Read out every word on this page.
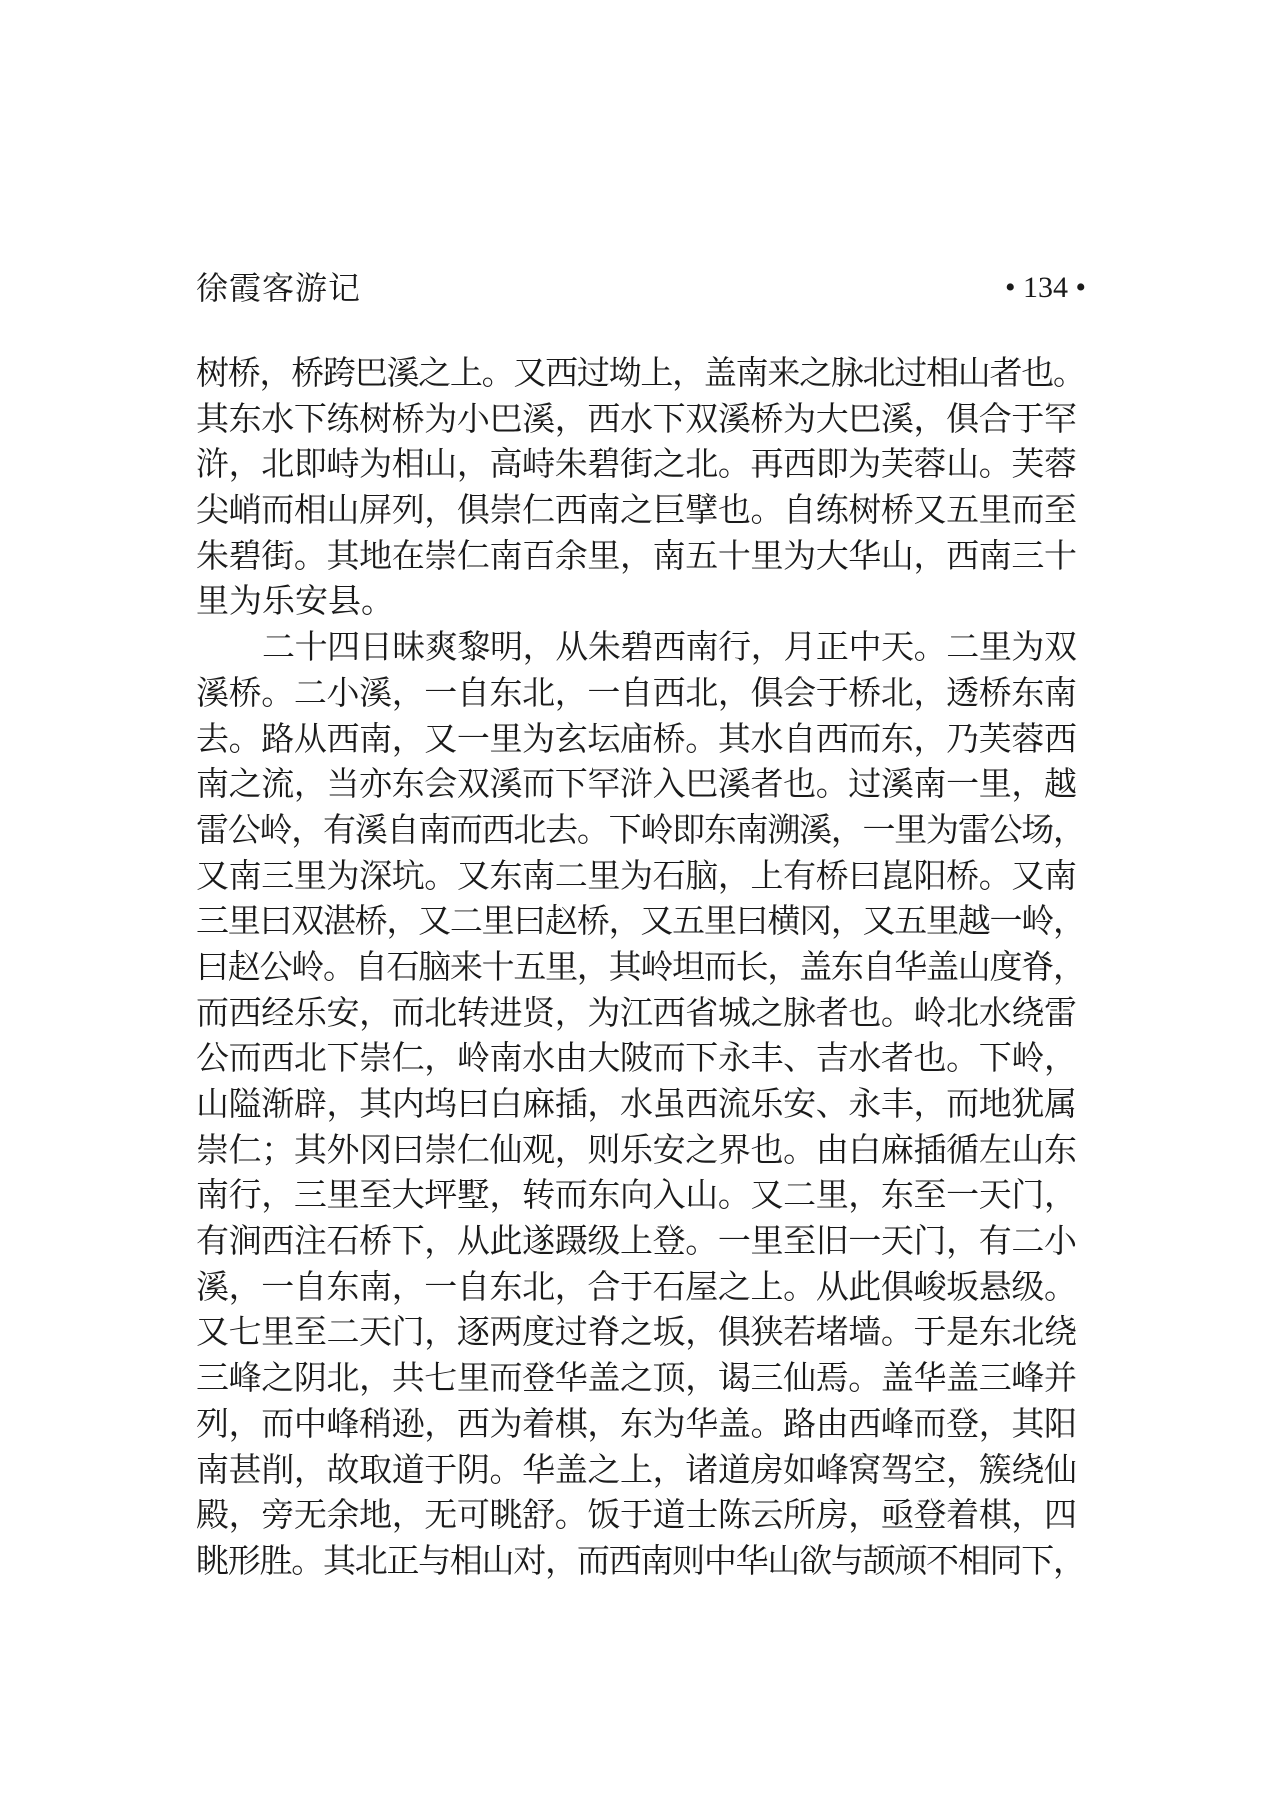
徐霞客游记	• 134 •
树桥，桥跨巴溪之上。又西过坳上，盖南来之脉北过相山者也。
其东水下练树桥为小巴溪，西水下双溪桥为大巴溪，俱合于罕
浒，北即峙为相山，高峙朱碧街之北。再西即为芙蓉山。芙蓉
尖峭而相山屏列，俱崇仁西南之巨擘也。自练树桥又五里而至
朱碧街。其地在崇仁南百余里，南五十里为大华山，西南三十
里为乐安县。
二十四日昧爽黎明，从朱碧西南行，月正中天。二里为双
溪桥。二小溪，一自东北，一自西北，俱会于桥北，透桥东南
去。路从西南，又一里为玄坛庙桥。其水自西而东，乃芙蓉西
南之流，当亦东会双溪而下罕浒入巴溪者也。过溪南一里，越
雷公岭，有溪自南而西北去。下岭即东南溯溪，一里为雷公场，
又南三里为深坑。又东南二里为石脑，上有桥曰崑阳桥。又南
三里曰双湛桥，又二里曰赵桥，又五里曰横冈，又五里越一岭，
曰赵公岭。自石脑来十五里，其岭坦而长，盖东自华盖山度脊，
而西经乐安，而北转进贤，为江西省城之脉者也。岭北水绕雷
公而西北下崇仁，岭南水由大陂而下永丰、吉水者也。下岭，
山隘渐辟，其内坞曰白麻插，水虽西流乐安、永丰，而地犹属
崇仁；其外冈曰崇仁仙观，则乐安之界也。由白麻插循左山东
南行，三里至大坪墅，转而东向入山。又二里，东至一天门，
有涧西注石桥下，从此遂蹑级上登。一里至旧一天门，有二小
溪，一自东南，一自东北，合于石屋之上。从此俱峻坂悬级。
又七里至二天门，逐两度过脊之坂，俱狭若堵墙。于是东北绕
三峰之阴北，共七里而登华盖之顶，谒三仙焉。盖华盖三峰并
列，而中峰稍逊，西为着棋，东为华盖。路由西峰而登，其阳
南甚削，故取道于阴。华盖之上，诸道房如峰窝驾空，簇绕仙
殿，旁无余地，无可眺舒。饭于道士陈云所房，亟登着棋，四
眺形胜。其北正与相山对，而西南则中华山欲与颉颃不相同下，
